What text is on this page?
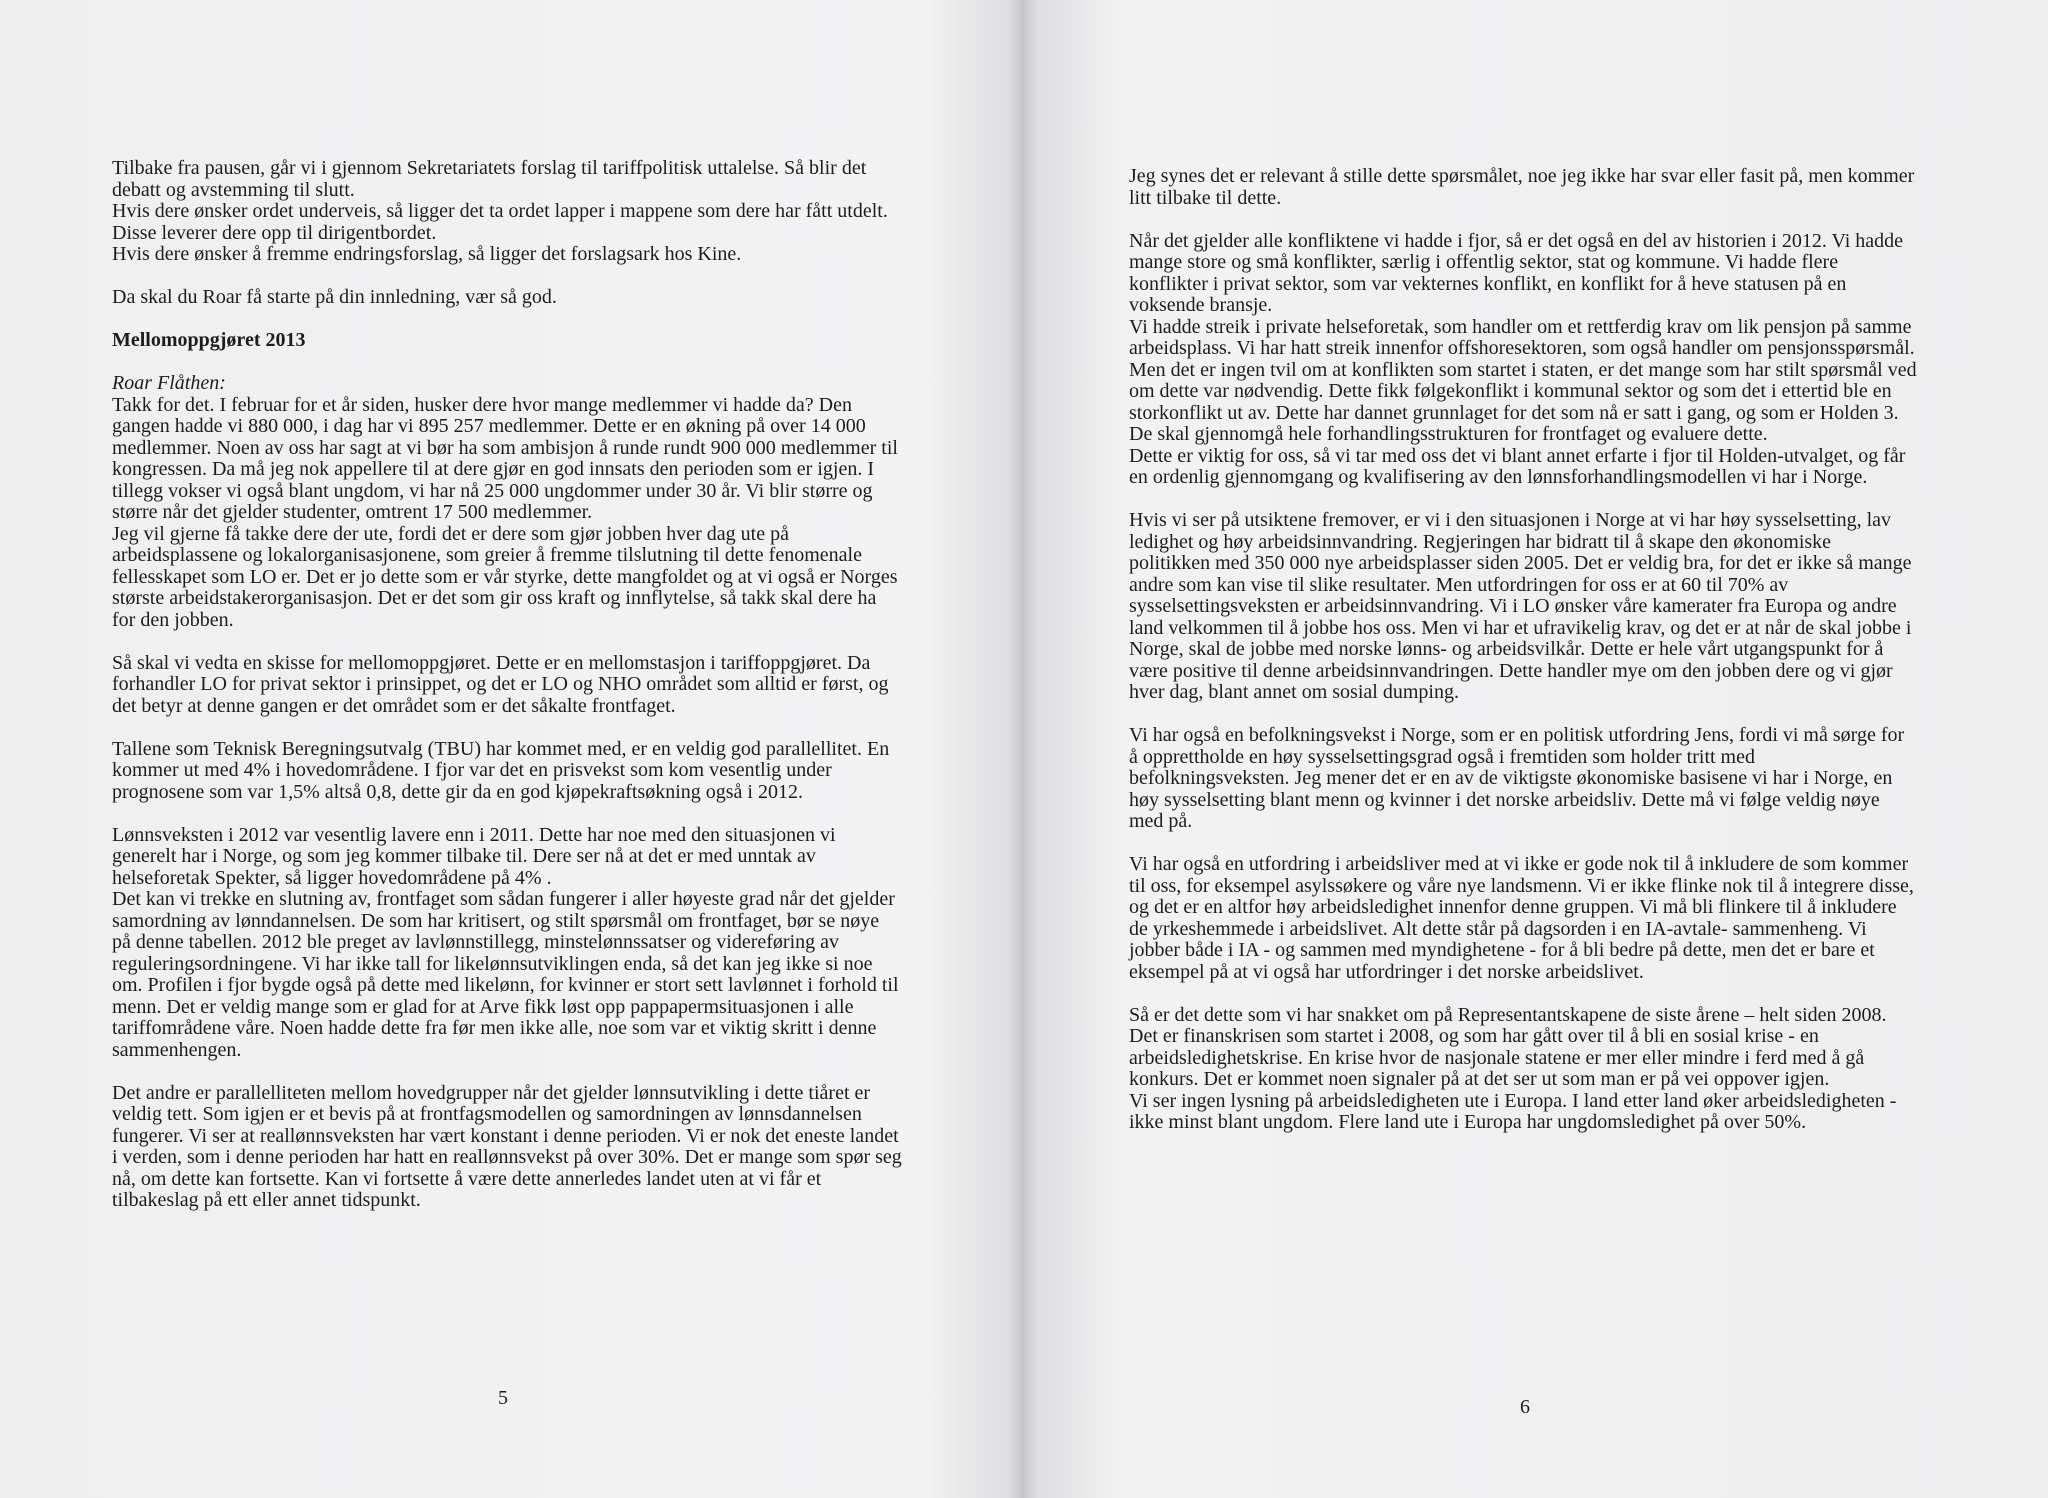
Tilbake fra pausen, går vi i gjennom Sekretariatets forslag til tariffpolitisk uttalelse. Så blir det debatt og avstemming til slutt.
Hvis dere ønsker ordet underveis, så ligger det ta ordet lapper i mappene som dere har fått utdelt. Disse leverer dere opp til dirigentbordet.
Hvis dere ønsker å fremme endringsforslag, så ligger det forslagsark hos Kine.

Da skal du Roar få starte på din innledning, vær så god.

Mellomoppgjøret 2013

Roar Flåthen:
Takk for det. I februar for et år siden, husker dere hvor mange medlemmer vi hadde da? Den gangen hadde vi 880 000, i dag har vi 895 257 medlemmer. Dette er en økning på over 14 000 medlemmer. Noen av oss har sagt at vi bør ha som ambisjon å runde rundt 900 000 medlemmer til kongressen. Da må jeg nok appellere til at dere gjør en god innsats den perioden som er igjen. I tillegg vokser vi også blant ungdom, vi har nå 25 000 ungdommer under 30 år. Vi blir større og større når det gjelder studenter, omtrent 17 500 medlemmer.
Jeg vil gjerne få takke dere der ute, fordi det er dere som gjør jobben hver dag ute på arbeidsplassene og lokalorganisasjonene, som greier å fremme tilslutning til dette fenomenale fellesskapet som LO er. Det er jo dette som er vår styrke, dette mangfoldet og at vi også er Norges største arbeidstakerorganisasjon. Det er det som gir oss kraft og innflytelse, så takk skal dere ha for den jobben.

Så skal vi vedta en skisse for mellomoppgjøret. Dette er en mellomstasjon i tariffoppgjøret. Da forhandler LO for privat sektor i prinsippet, og det er LO og NHO området som alltid er først, og det betyr at denne gangen er det området som er det såkalte frontfaget.

Tallene som Teknisk Beregningsutvalg (TBU) har kommet med, er en veldig god parallellitet. En kommer ut med 4% i hovedområdene. I fjor var det en prisvekst som kom vesentlig under prognosene som var 1,5% altså 0,8, dette gir da en god kjøpekraftsøkning også i 2012.

Lønnsveksten i 2012 var vesentlig lavere enn i 2011. Dette har noe med den situasjonen vi generelt har i Norge, og som jeg kommer tilbake til. Dere ser nå at det er med unntak av helseforetak Spekter, så ligger hovedområdene på 4% .
Det kan vi trekke en slutning av, frontfaget som sådan fungerer i aller høyeste grad når det gjelder samordning av lønndannelsen. De som har kritisert, og stilt spørsmål om frontfaget, bør se nøye på denne tabellen. 2012 ble preget av lavlønnstillegg, minstelønnssatser og videreføring av reguleringsordningene. Vi har ikke tall for likelønnsutviklingen enda, så det kan jeg ikke si noe om. Profilen i fjor bygde også på dette med likelønn, for kvinner er stort sett lavlønnet i forhold til menn. Det er veldig mange som er glad for at Arve fikk løst opp pappapermsituasjonen i alle tariffområdene våre. Noen hadde dette fra før men ikke alle, noe som var et viktig skritt i denne sammenhengen.

Det andre er parallelliteten mellom hovedgrupper når det gjelder lønnsutvikling i dette tiåret er veldig tett. Som igjen er et bevis på at frontfagsmodellen og samordningen av lønnsdannelsen fungerer. Vi ser at reallønnsveksten har vært konstant i denne perioden. Vi er nok det eneste landet i verden, som i denne perioden har hatt en reallønnsvekst på over 30%. Det er mange som spør seg nå, om dette kan fortsette. Kan vi fortsette å være dette annerledes landet uten at vi får et tilbakeslag på ett eller annet tidspunkt.

5

Jeg synes det er relevant å stille dette spørsmålet, noe jeg ikke har svar eller fasit på, men kommer litt tilbake til dette.

Når det gjelder alle konfliktene vi hadde i fjor, så er det også en del av historien i 2012. Vi hadde mange store og små konflikter, særlig i offentlig sektor, stat og kommune. Vi hadde flere konflikter i privat sektor, som var vekternes konflikt, en konflikt for å heve statusen på en voksende bransje.
Vi hadde streik i private helseforetak, som handler om et rettferdig krav om lik pensjon på samme arbeidsplass. Vi har hatt streik innenfor offshoresektoren, som også handler om pensjonsspørsmål.
Men det er ingen tvil om at konflikten som startet i staten, er det mange som har stilt spørsmål ved om dette var nødvendig. Dette fikk følgekonflikt i kommunal sektor og som det i ettertid ble en storkonflikt ut av. Dette har dannet grunnlaget for det som nå er satt i gang, og som er Holden 3. De skal gjennomgå hele forhandlingsstrukturen for frontfaget og evaluere dette.
Dette er viktig for oss, så vi tar med oss det vi blant annet erfarte i fjor til Holden-utvalget, og får en ordenlig gjennomgang og kvalifisering av den lønnsforhandlingsmodellen vi har i Norge.

Hvis vi ser på utsiktene fremover, er vi i den situasjonen i Norge at vi har høy sysselsetting, lav ledighet og høy arbeidsinnvandring. Regjeringen har bidratt til å skape den økonomiske politikken med 350 000 nye arbeidsplasser siden 2005. Det er veldig bra, for det er ikke så mange andre som kan vise til slike resultater. Men utfordringen for oss er at 60 til 70% av sysselsettingsveksten er arbeidsinnvandring. Vi i LO ønsker våre kamerater fra Europa og andre land velkommen til å jobbe hos oss. Men vi har et ufravikelig krav, og det er at når de skal jobbe i Norge, skal de jobbe med norske lønns- og arbeidsvilkår. Dette er hele vårt utgangspunkt for å være positive til denne arbeidsinnvandringen. Dette handler mye om den jobben dere og vi gjør hver dag, blant annet om sosial dumping.

Vi har også en befolkningsvekst i Norge, som er en politisk utfordring Jens, fordi vi må sørge for å opprettholde en høy sysselsettingsgrad også i fremtiden som holder tritt med befolkningsveksten. Jeg mener det er en av de viktigste økonomiske basisene vi har i Norge, en høy sysselsetting blant menn og kvinner i det norske arbeidsliv. Dette må vi følge veldig nøye med på.

Vi har også en utfordring i arbeidsliver med at vi ikke er gode nok til å inkludere de som kommer til oss, for eksempel asylssøkere og våre nye landsmenn. Vi er ikke flinke nok til å integrere disse, og det er en altfor høy arbeidsledighet innenfor denne gruppen. Vi må bli flinkere til å inkludere de yrkeshemmede i arbeidslivet. Alt dette står på dagsorden i en IA-avtale- sammenheng. Vi jobber både i IA - og sammen med myndighetene - for å bli bedre på dette, men det er bare et eksempel på at vi også har utfordringer i det norske arbeidslivet.

Så er det dette som vi har snakket om på Representantskapene de siste årene – helt siden 2008. Det er finanskrisen som startet i 2008, og som har gått over til å bli en sosial krise - en arbeidsledighetskrise. En krise hvor de nasjonale statene er mer eller mindre i ferd med å gå konkurs. Det er kommet noen signaler på at det ser ut som man er på vei oppover igjen.
Vi ser ingen lysning på arbeidsledigheten ute i Europa. I land etter land øker arbeidsledigheten - ikke minst blant ungdom. Flere land ute i Europa har ungdomsledighet på over 50%.

6
